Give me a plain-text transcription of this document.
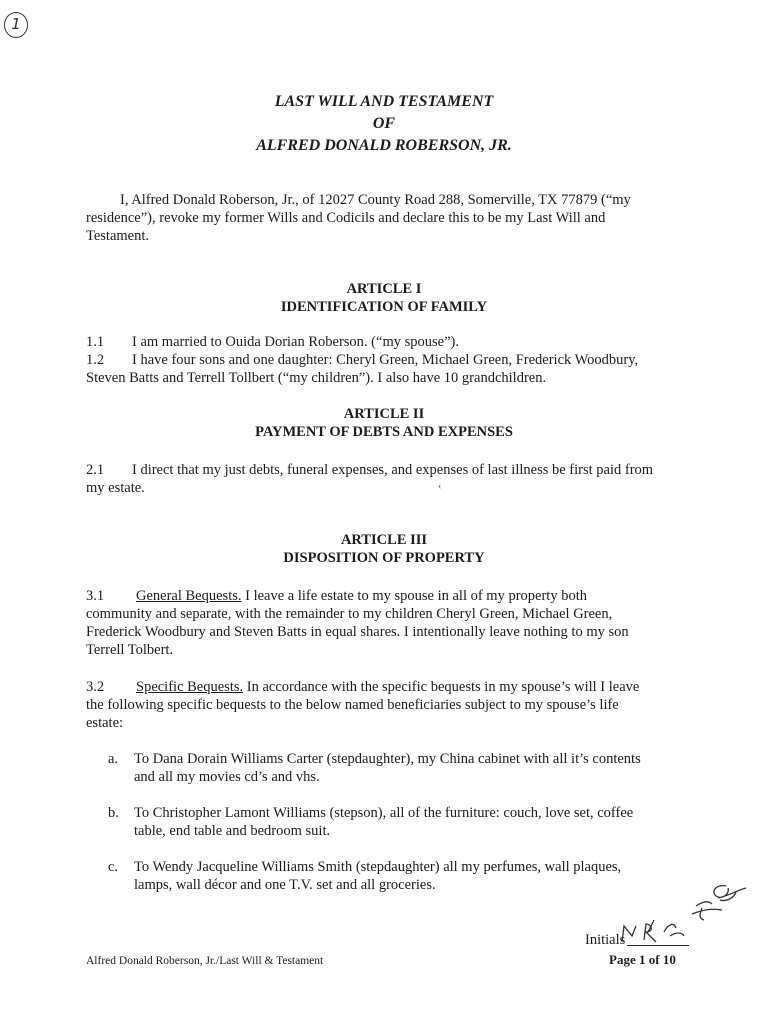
1
LAST WILL AND TESTAMENT
OF
ALFRED DONALD ROBERSON, JR.
I, Alfred Donald Roberson, Jr., of 12027 County Road 288, Somerville, TX 77879 (“my
residence”), revoke my former Wills and Codicils and declare this to be my Last Will and
Testament.
ARTICLE I
IDENTIFICATION OF FAMILY
1.1 I am married to Ouida Dorian Roberson. (“my spouse”).
1.2 I have four sons and one daughter: Cheryl Green, Michael Green, Frederick Woodbury,
Steven Batts and Terrell Tollbert (“my children”). I also have 10 grandchildren.
ARTICLE II
PAYMENT OF DEBTS AND EXPENSES
2.1 I direct that my just debts, funeral expenses, and expenses of last illness be first paid from
my estate.	‹
ARTICLE III
DISPOSITION OF PROPERTY
3.1 General Bequests. I leave a life estate to my spouse in all of my property both
community and separate, with the remainder to my children Cheryl Green, Michael Green,
Frederick Woodbury and Steven Batts in equal shares. I intentionally leave nothing to my son
Terrell Tolbert.
3.2 Specific Bequests. In accordance with the specific bequests in my spouse’s will I leave
the following specific bequests to the below named beneficiaries subject to my spouse’s life
estate:
a. To Dana Dorain Williams Carter (stepdaughter), my China cabinet with all it’s contents
and all my movies cd’s and vhs.
b. To Christopher Lamont Williams (stepson), all of the furniture: couch, love set, coffee
table, end table and bedroom suit.
c. To Wendy Jacqueline Williams Smith (stepdaughter) all my perfumes, wall plaques,
lamps, wall décor and one T.V. set and all groceries.
Alfred Donald Roberson, Jr./Last Will & Testament
Initials
Page 1 of 10
